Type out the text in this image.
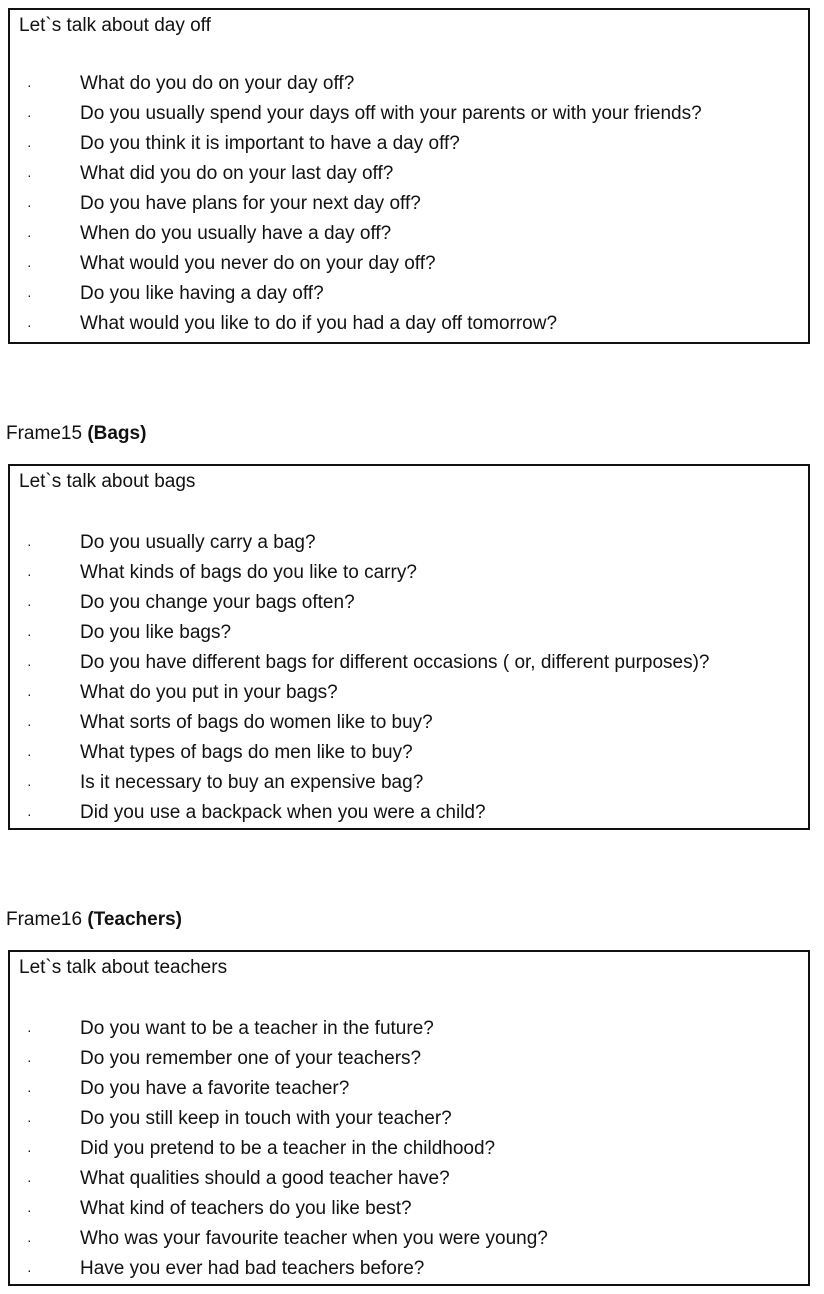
Let`s talk about day off
·	What do you do on your day off?
·	Do you usually spend your days off with your parents or with your friends?
·	Do you think it is important to have a day off?
·	What did you do on your last day off?
·	Do you have plans for your next day off?
·	When do you usually have a day off?
·	What would you never do on your day off?
·	Do you like having a day off?
·	What would you like to do if you had a day off tomorrow?
Frame15 (Bags)
Let`s talk about bags
·	Do you usually carry a bag?
·	What kinds of bags do you like to carry?
·	Do you change your bags often?
·	Do you like bags?
·	Do you have different bags for different occasions ( or, different purposes)?
·	What do you put in your bags?
·	What sorts of bags do women like to buy?
·	What types of bags do men like to buy?
·	Is it necessary to buy an expensive bag?
·	Did you use a backpack when you were a child?
Frame16 (Teachers)
Let`s talk about teachers
·	Do you want to be a teacher in the future?
·	Do you remember one of your teachers?
·	Do you have a favorite teacher?
·	Do you still keep in touch with your teacher?
·	Did you pretend to be a teacher in the childhood?
·	What qualities should a good teacher have?
·	What kind of teachers do you like best?
·	Who was your favourite teacher when you were young?
·	Have you ever had bad teachers before?
